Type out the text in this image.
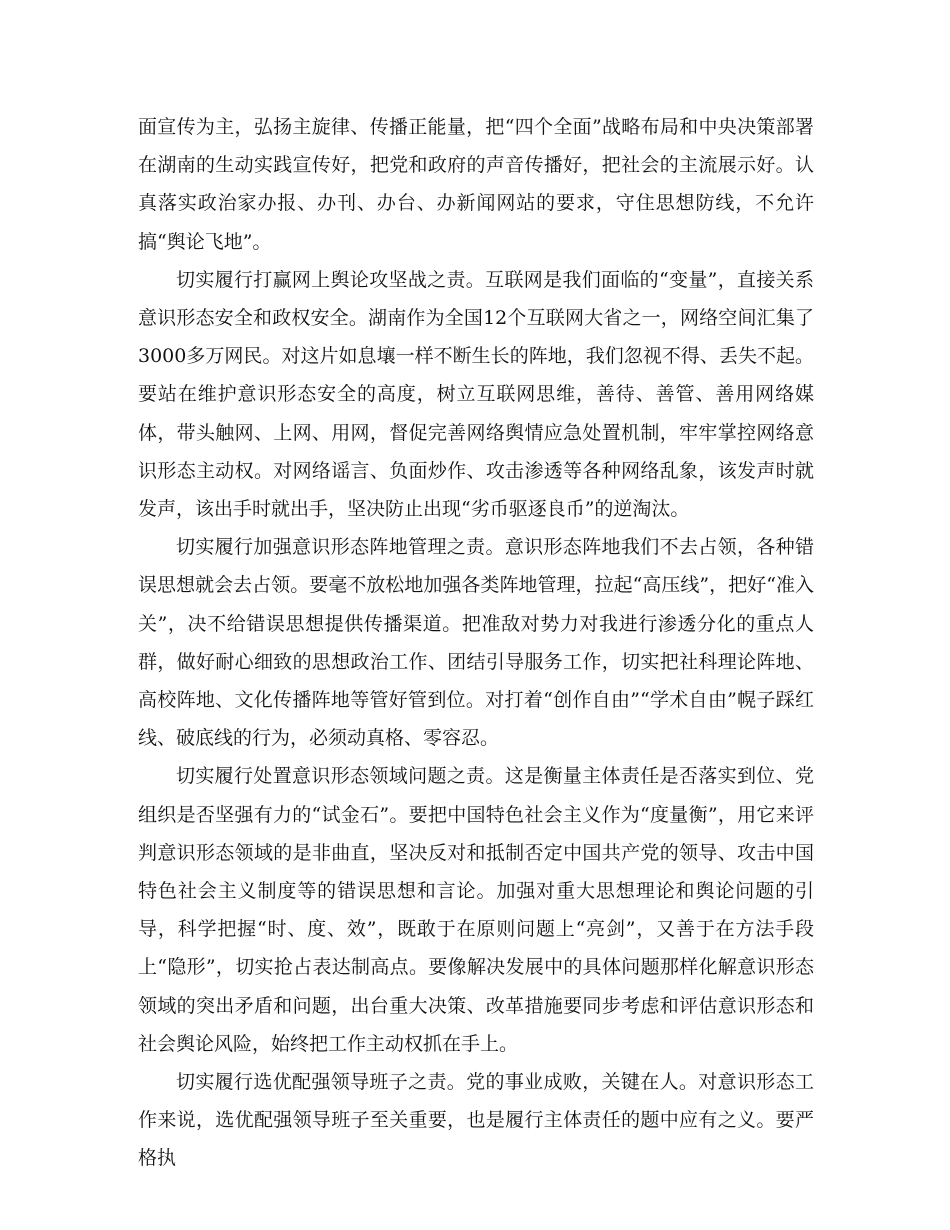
面宣传为主，弘扬主旋律、传播正能量，把“四个全面”战略布局和中央决策部署在湖南的生动实践宣传好，把党和政府的声音传播好，把社会的主流展示好。认真落实政治家办报、办刊、办台、办新闻网站的要求，守住思想防线，不允许搞“舆论飞地”。

切实履行打赢网上舆论攻坚战之责。互联网是我们面临的“变量”，直接关系意识形态安全和政权安全。湖南作为全国12个互联网大省之一，网络空间汇集了3000多万网民。对这片如息壤一样不断生长的阵地，我们忽视不得、丢失不起。要站在维护意识形态安全的高度，树立互联网思维，善待、善管、善用网络媒体，带头触网、上网、用网，督促完善网络舆情应急处置机制，牢牢掌控网络意识形态主动权。对网络谣言、负面炒作、攻击渗透等各种网络乱象，该发声时就发声，该出手时就出手，坚决防止出现“劣币驱逐良币”的逆淘汰。

切实履行加强意识形态阵地管理之责。意识形态阵地我们不去占领，各种错误思想就会去占领。要毫不放松地加强各类阵地管理，拉起“高压线”，把好“准入关”，决不给错误思想提供传播渠道。把准敌对势力对我进行渗透分化的重点人群，做好耐心细致的思想政治工作、团结引导服务工作，切实把社科理论阵地、高校阵地、文化传播阵地等管好管到位。对打着“创作自由”“学术自由”幌子踩红线、破底线的行为，必须动真格、零容忍。

切实履行处置意识形态领域问题之责。这是衡量主体责任是否落实到位、党组织是否坚强有力的“试金石”。要把中国特色社会主义作为“度量衡”，用它来评判意识形态领域的是非曲直，坚决反对和抵制否定中国共产党的领导、攻击中国特色社会主义制度等的错误思想和言论。加强对重大思想理论和舆论问题的引导，科学把握“时、度、效”，既敢于在原则问题上“亮剑”，又善于在方法手段上“隐形”，切实抢占表达制高点。要像解决发展中的具体问题那样化解意识形态领域的突出矛盾和问题，出台重大决策、改革措施要同步考虑和评估意识形态和社会舆论风险，始终把工作主动权抓在手上。

切实履行选优配强领导班子之责。党的事业成败，关键在人。对意识形态工作来说，选优配强领导班子至关重要，也是履行主体责任的题中应有之义。要严格执
